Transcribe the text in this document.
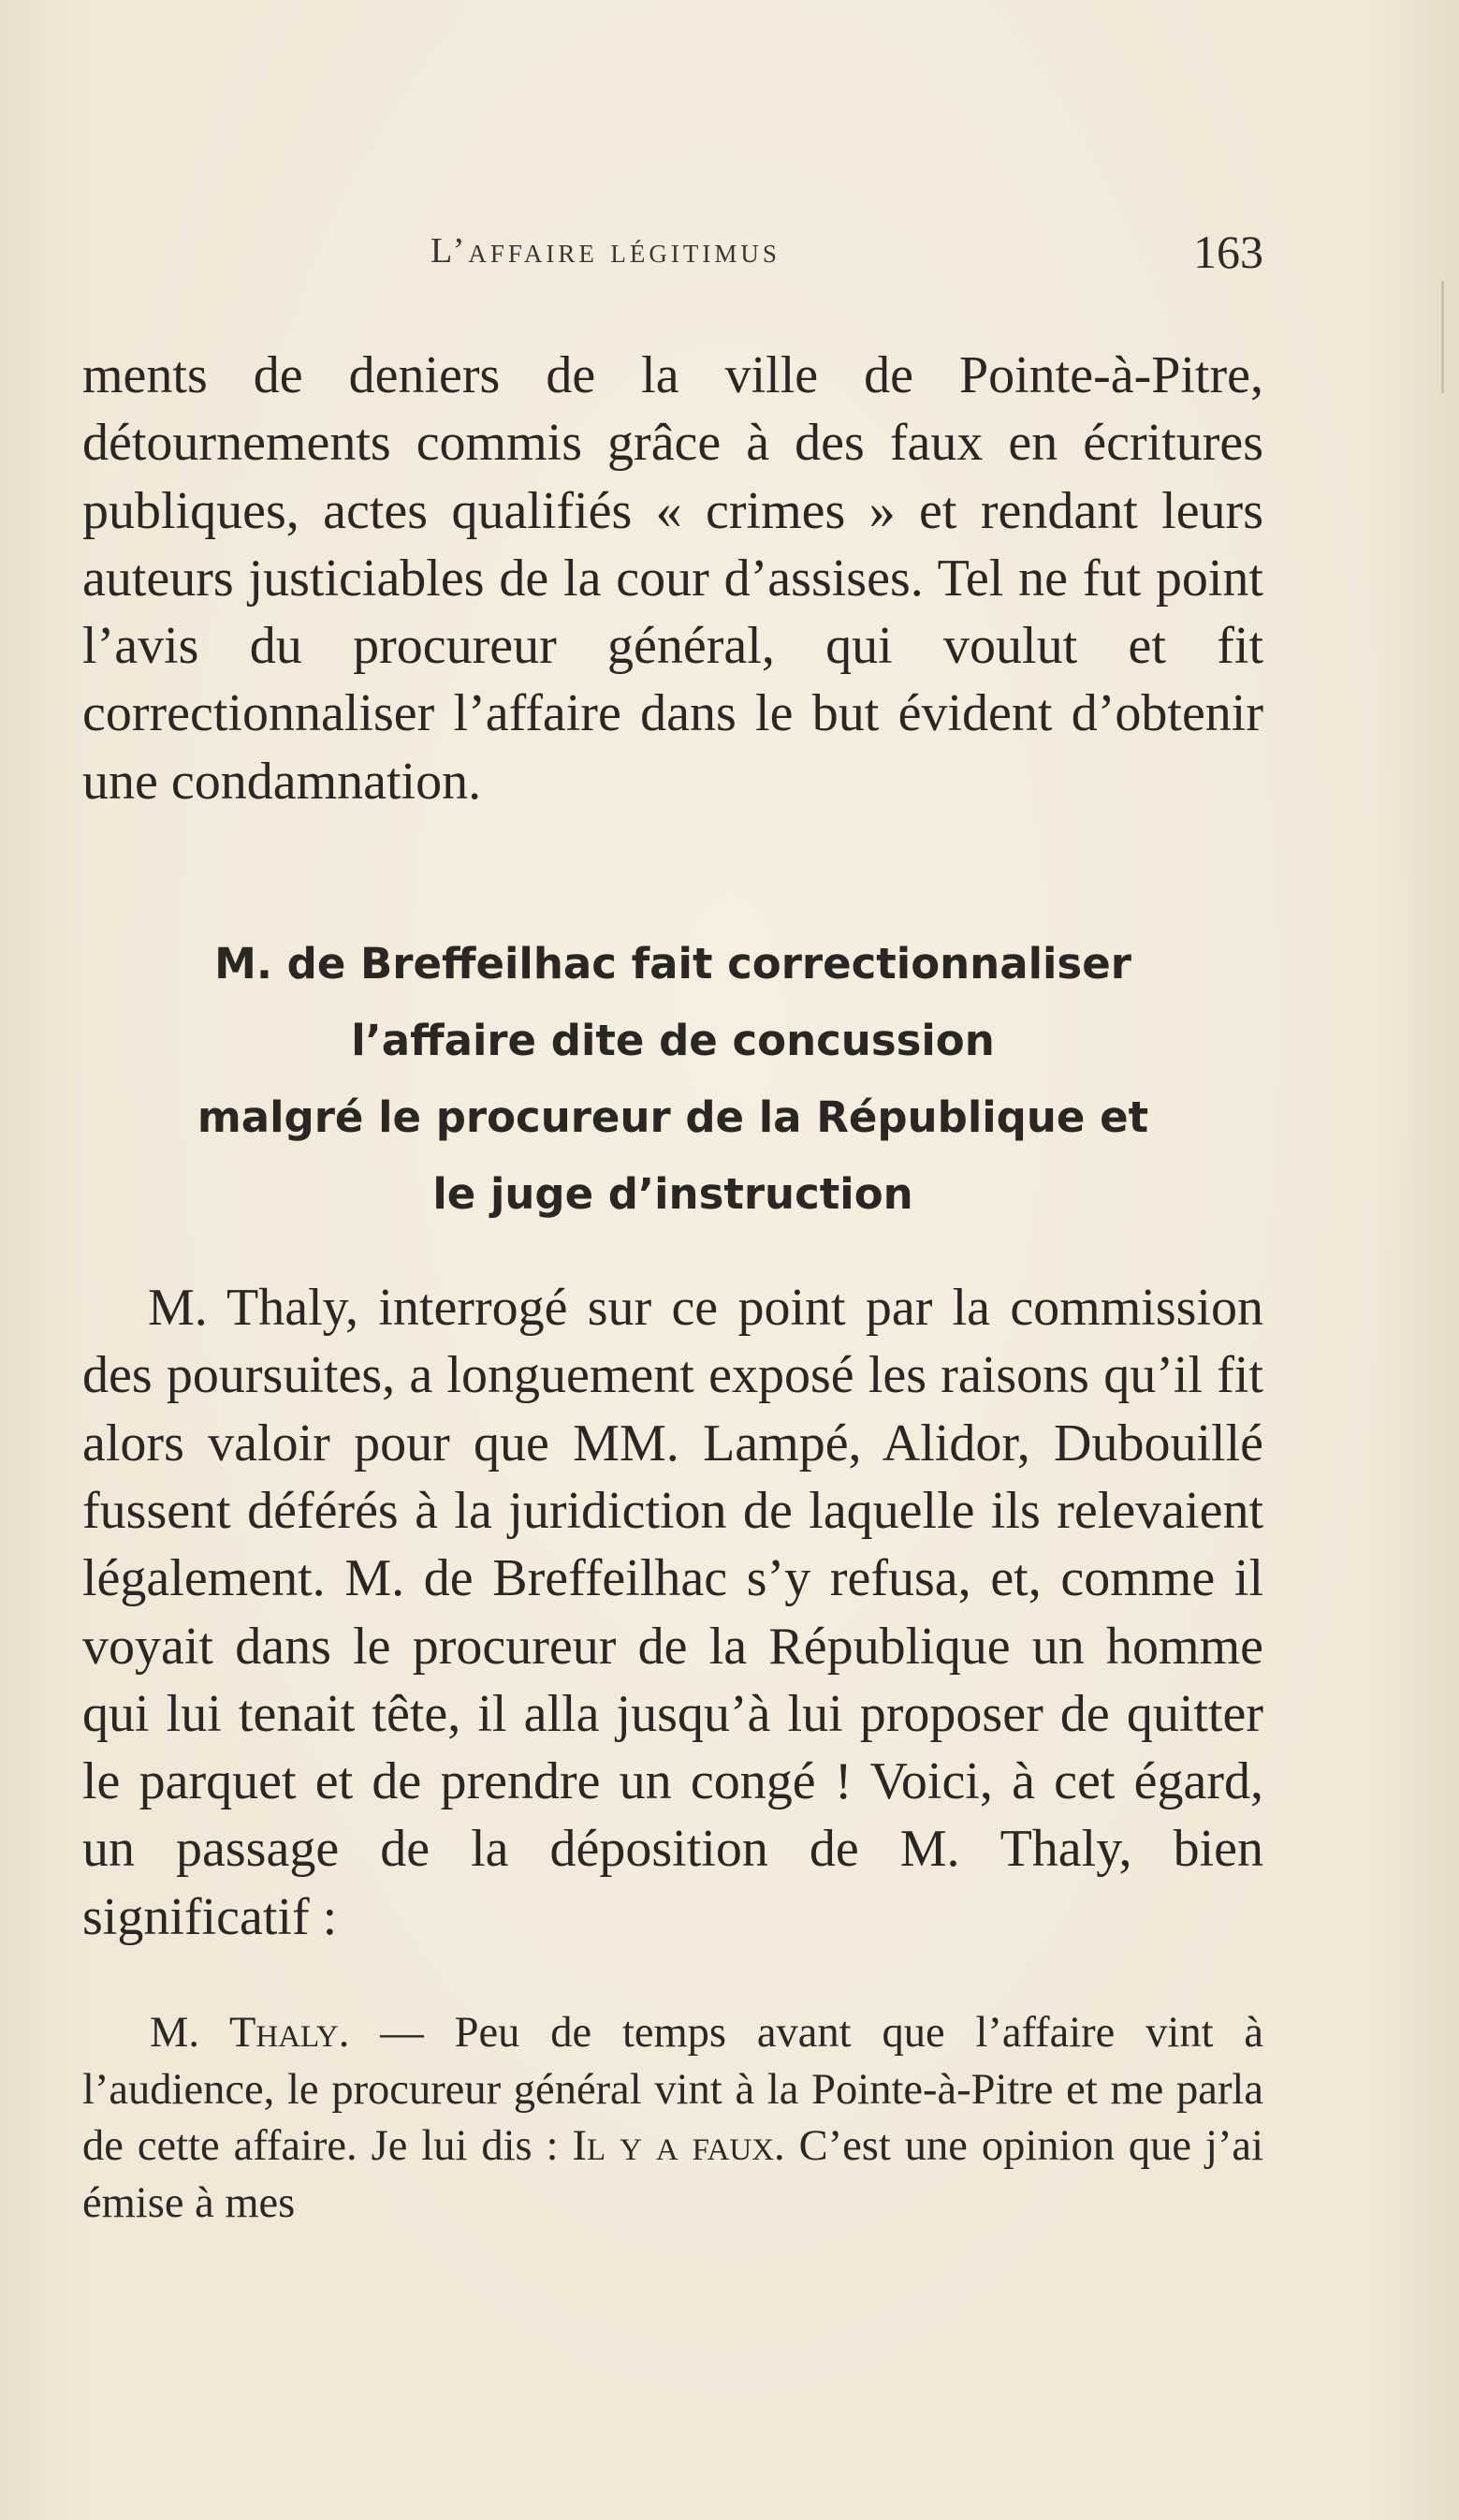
L’affaire légitimus	163

ments de deniers de la ville de Pointe-à-Pitre, détournements commis grâce à des faux en écritures publiques, actes qualifiés « crimes » et rendant leurs auteurs justiciables de la cour d’assises. Tel ne fut point l’avis du procureur général, qui voulut et fit correctionnaliser l’affaire dans le but évident d’obtenir une condamnation.

M. de Breffeilhac fait correctionnaliser
l’affaire dite de concussion
malgré le procureur de la République et
le juge d’instruction

M. Thaly, interrogé sur ce point par la commission des poursuites, a longuement exposé les raisons qu’il fit alors valoir pour que MM. Lampé, Alidor, Dubouillé fussent déférés à la juridiction de laquelle ils relevaient légalement. M. de Breffeilhac s’y refusa, et, comme il voyait dans le procureur de la République un homme qui lui tenait tête, il alla jusqu’à lui proposer de quitter le parquet et de prendre un congé ! Voici, à cet égard, un passage de la déposition de M. Thaly, bien significatif :

M. Thaly. — Peu de temps avant que l’affaire vint à l’audience, le procureur général vint à la Pointe-à-Pitre et me parla de cette affaire. Je lui dis : Il y a faux. C’est une opinion que j’ai émise à mes
